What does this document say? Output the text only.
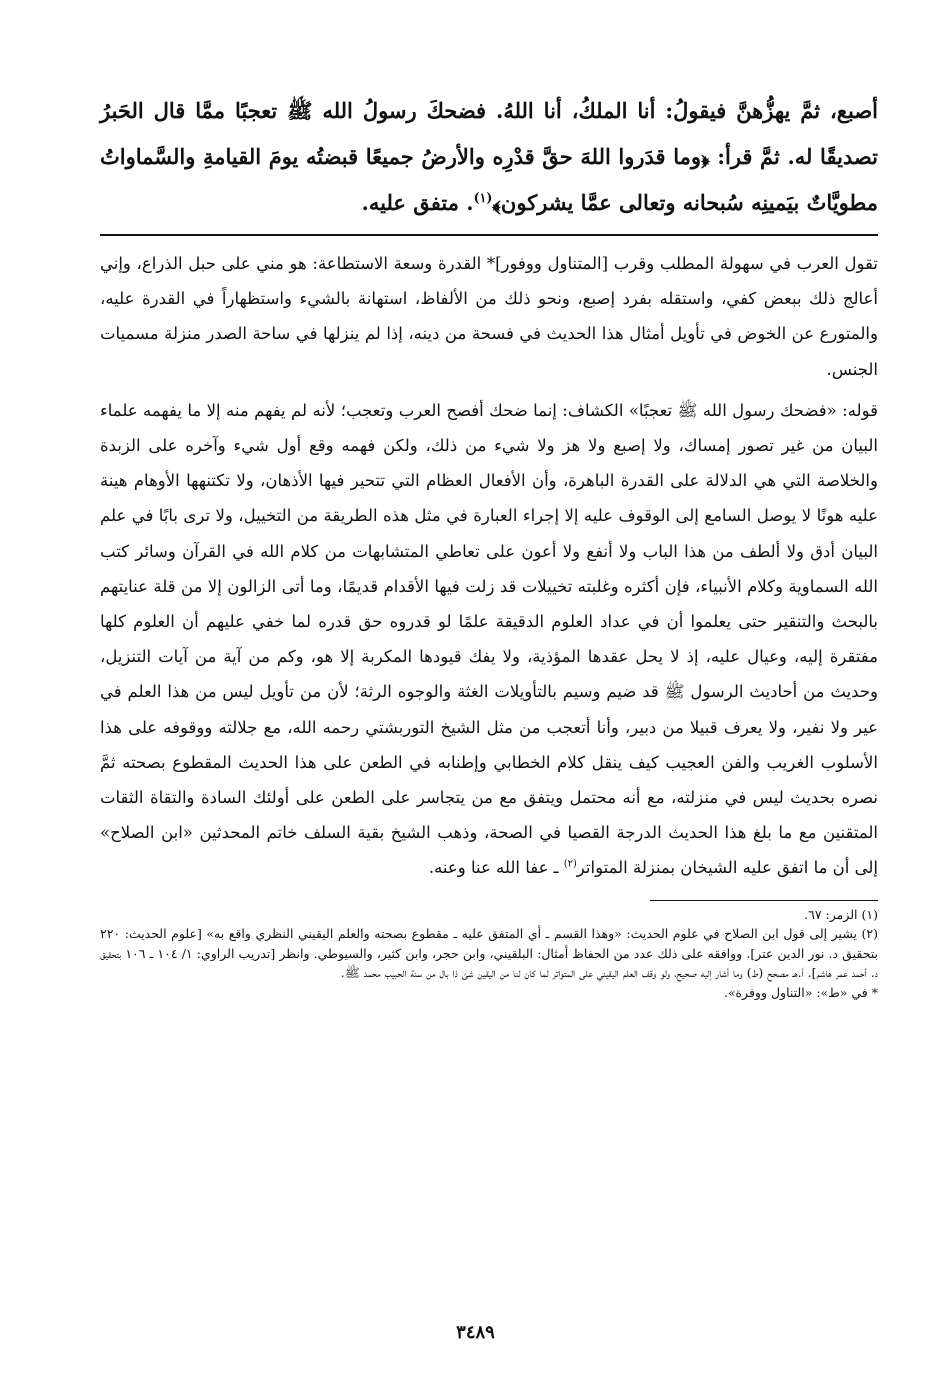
أصبع، ثمَّ يهزُّهنَّ فيقولُ: أنا الملكُ، أنا اللهُ. فضحكَ رسولُ الله ﷺ تعجبًا ممَّا قال الحَبرُ تصديقًا له. ثمَّ قرأ: ﴿وما قدَروا اللهَ حقَّ قدْرِه والأرضُ جميعًا قبضتُه يومَ القيامةِ والسَّماواتُ مطويَّاتٌ بيَمينِه سُبحانه وتعالى عمَّا يشركون﴾$^{(١)}$. متفق عليه.

تقول العرب في سهولة المطلب وقرب [المتناول ووفور]* القدرة وسعة الاستطاعة: هو مني على حبل الذراع، وإني أعالج ذلك ببعض كفي، واستقله بفرد إصبع، ونحو ذلك من الألفاظ، استهانة بالشيء واستظهاراً في القدرة عليه، والمتورع عن الخوض في تأويل أمثال هذا الحديث في فسحة من دينه، إذا لم ينزلها في ساحة الصدر منزلة مسميات الجنس.

قوله: «فضحك رسول الله ﷺ تعجبًا» الكشاف: إنما ضحك أفصح العرب وتعجب؛ لأنه لم يفهم منه إلا ما يفهمه علماء البيان من غير تصور إمساك، ولا إصبع ولا هز ولا شيء من ذلك، ولكن فهمه وقع أول شيء وآخره على الزبدة والخلاصة التي هي الدلالة على القدرة الباهرة، وأن الأفعال العظام التي تتحير فيها الأذهان، ولا تكتنهها الأوهام هينة عليه هونًا لا يوصل السامع إلى الوقوف عليه إلا إجراء العبارة في مثل هذه الطريقة من التخييل، ولا ترى بابًا في علم البيان أدق ولا ألطف من هذا الباب ولا أنفع ولا أعون على تعاطي المتشابهات من كلام الله في القرآن وسائر كتب الله السماوية وكلام الأنبياء، فإن أكثره وغلبته تخييلات قد زلت فيها الأقدام قديمًا، وما أتى الزالون إلا من قلة عنايتهم بالبحث والتنقير حتى يعلموا أن في عداد العلوم الدقيقة علمًا لو قدروه حق قدره لما خفي عليهم أن العلوم كلها مفتقرة إليه، وعيال عليه، إذ لا يحل عقدها المؤذية، ولا يفك قيودها المكربة إلا هو، وكم من آية من آيات التنزيل، وحديث من أحاديث الرسول ﷺ قد ضيم وسيم بالتأويلات الغثة والوجوه الرثة؛ لأن من تأويل ليس من هذا العلم في عير ولا نفير، ولا يعرف قبيلا من دبير، وأنا أتعجب من مثل الشيخ التوربشتي رحمه الله، مع جلالته ووقوفه على هذا الأسلوب الغريب والفن العجيب كيف ينقل كلام الخطابي وإطنابه في الطعن على هذا الحديث المقطوع بصحته ثمَّ نصره بحديث ليس في منزلته، مع أنه محتمل ويتفق مع من يتجاسر على الطعن على أولئك السادة والتقاة الثقات المتقنين مع ما بلغ هذا الحديث الدرجة القصيا في الصحة، وذهب الشيخ بقية السلف خاتم المحدثين «ابن الصلاح» إلى أن ما اتفق عليه الشيخان بمنزلة المتواتر$^{(٢)}$ ـ عفا الله عنا وعنه.

(١) الزمر: ٦٧.

(٢) يشير إلى قول ابن الصلاح في علوم الحديث: «وهذا القسم ـ أي المتفق عليه ـ مقطوع بصحته والعلم اليقيني النظري واقع به» [علوم الحديث: ٢٢٠ بتحقيق د. نور الدين عتر]. ووافقه على ذلك عدد من الحفاظ أمثال: البلقيني، وابن حجر، وابن كثير، والسيوطي. وانظر [تدريب الراوي: ١/ ١٠٤ ـ ١٠٦ بتحقيق د. أحمد عمر هاشم]. أ.هـ مصحح (ط) وما أشار إليه صحيح، ولو وقف العلم اليقيني على المتواتر لما كان لنا من اليقين شئ ذا بال من سنة الحبيب محمد ﷺ.

* في «ط»: «التناول ووفرة».

٣٤٨٩
